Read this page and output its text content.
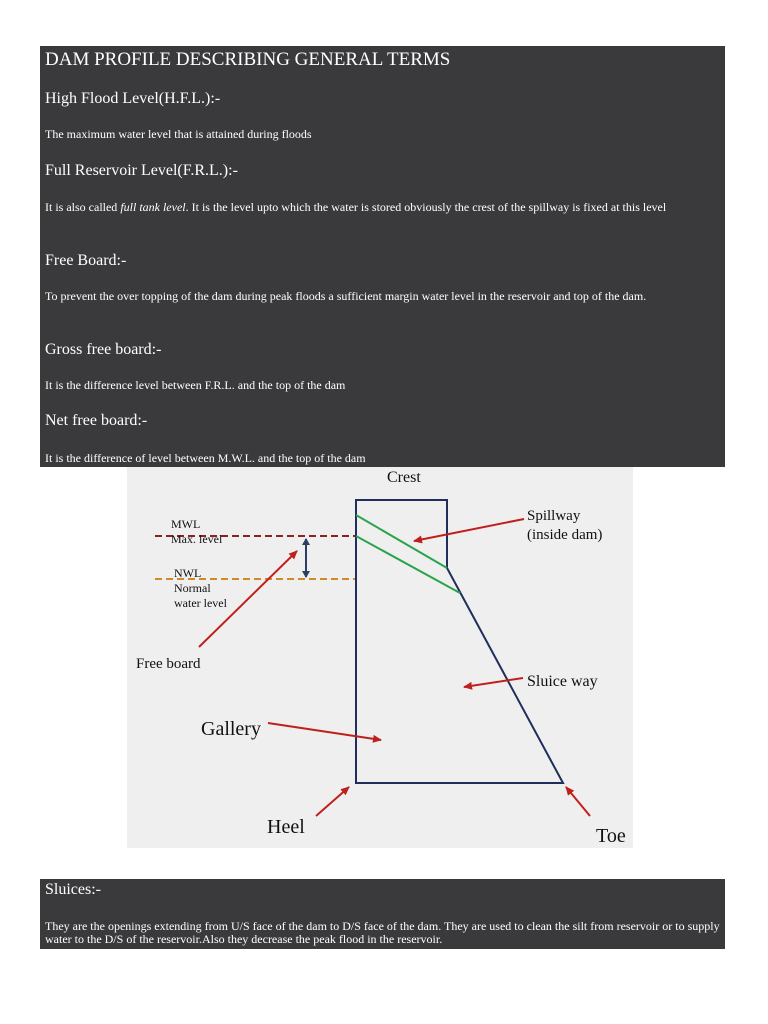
DAM PROFILE DESCRIBING GENERAL TERMS
High Flood Level(H.F.L.):-

The maximum water level that is attained during floods

Full Reservoir Level(F.R.L.):-

It is also called full tank level. It is the level upto which the water is stored obviously the crest of the spillway is fixed at this level

Free Board:-

To prevent the over topping of the dam during peak floods a sufficient margin water level in the reservoir and top of the dam.

Gross free board:-

It is the difference level between F.R.L. and the top of the dam

Net free board:-

It is the difference of level between M.W.L. and the top of the dam

Crest
Spillway
(inside dam)
MWL
Max. level
NWL
Normal
water level
Free board
Sluice way
Gallery
Heel	Toe
Sluices:-

They are the openings extending from U/S face of the dam to D/S face of the dam. They are used to clean the silt from reservoir or to supply water to the D/S of the reservoir.Also they decrease the peak flood in the reservoir.
